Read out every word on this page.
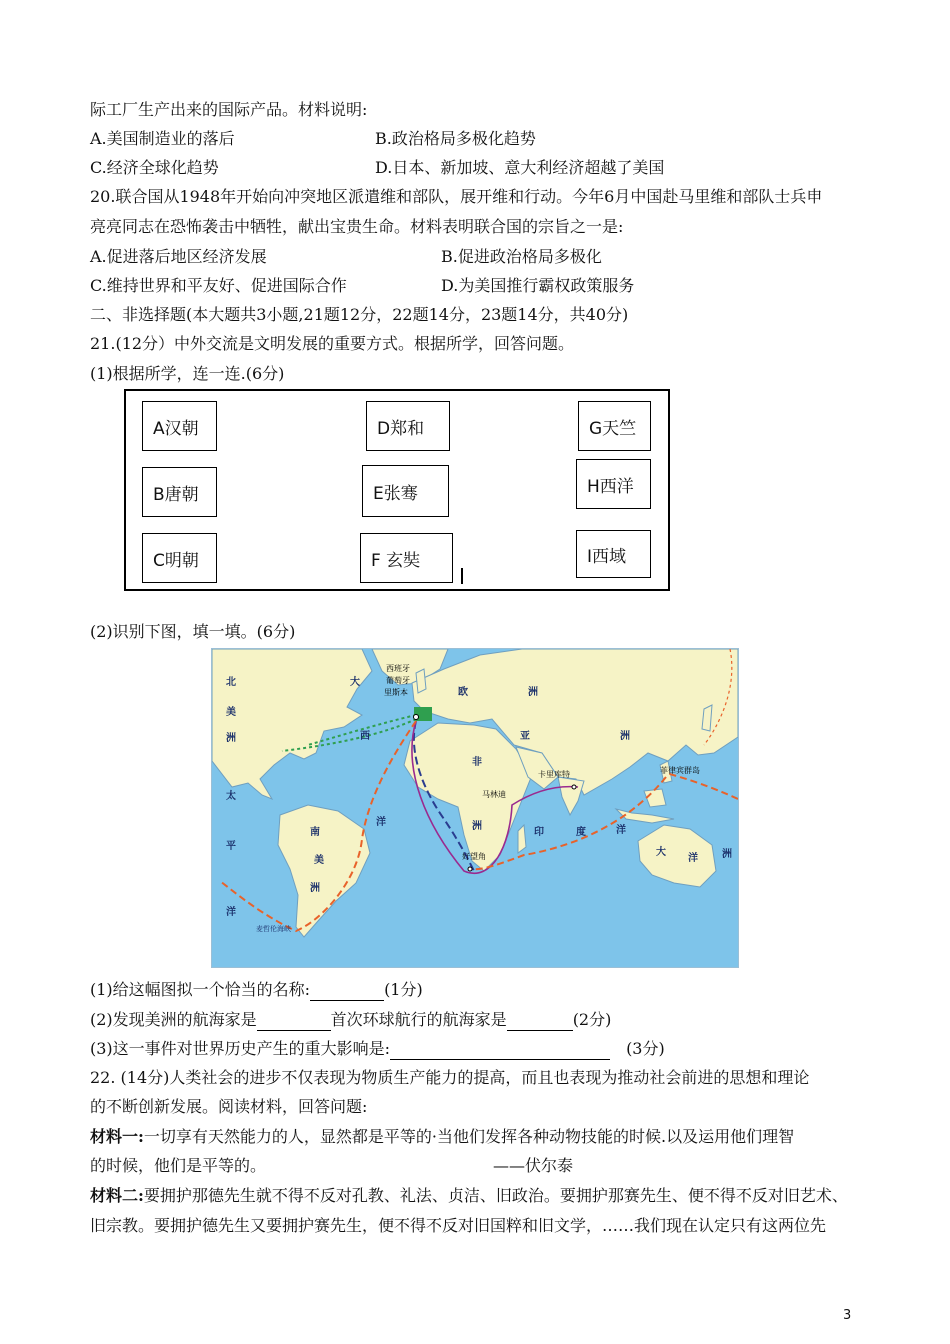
际工厂生产出来的国际产品。材料说明:
A.美国制造业的落后	B.政治格局多极化趋势
C.经济全球化趋势	D.日本、新加坡、意大利经济超越了美国
20.联合国从1948年开始向冲突地区派遣维和部队，展开维和行动。今年6月中国赴马里维和部队士兵申
亮亮同志在恐怖袭击中牺牲，献出宝贵生命。材料表明联合国的宗旨之一是:
A.促进落后地区经济发展	B.促进政治格局多极化
C.维持世界和平友好、促进国际合作	D.为美国推行霸权政策服务
二、非选择题(本大题共3小题,21题12分，22题14分，23题14分，共40分)
21.(12分）中外交流是文明发展的重要方式。根据所学，回答问题。
(1)根据所学，连一连.(6分)
A汉朝
B唐朝
C明朝
D郑和
E张骞
F 玄奘
G天竺
H西洋
I西域
(2)识别下图，填一填。(6分)
北
美
洲
大
西
洋
太
平
洋
南
美
洲
欧	洲
亚
非
洲
印	度	洋
大
洋 洲
洲
西班牙
葡萄牙
里斯本
卡里库特
马林迪
好望角
菲律宾群岛
麦哲伦海峡
(1)给这幅图拟一个恰当的名称:	(1分)
(2)发现美洲的航海家是	首次环球航行的航海家是	(2分)
(3)这一事件对世界历史产生的重大影响是:	(3分)
22. (14分)人类社会的进步不仅表现为物质生产能力的提高，而且也表现为推动社会前进的思想和理论
的不断创新发展。阅读材料，回答问题:
材料一:一切享有天然能力的人，显然都是平等的·当他们发挥各种动物技能的时候.以及运用他们理智
的时候，他们是平等的。	——伏尔泰
材料二:要拥护那德先生就不得不反对孔教、礼法、贞洁、旧政治。要拥护那赛先生、便不得不反对旧艺术、
旧宗教。要拥护德先生又要拥护赛先生，便不得不反对旧国粹和旧文学，……我们现在认定只有这两位先
3
